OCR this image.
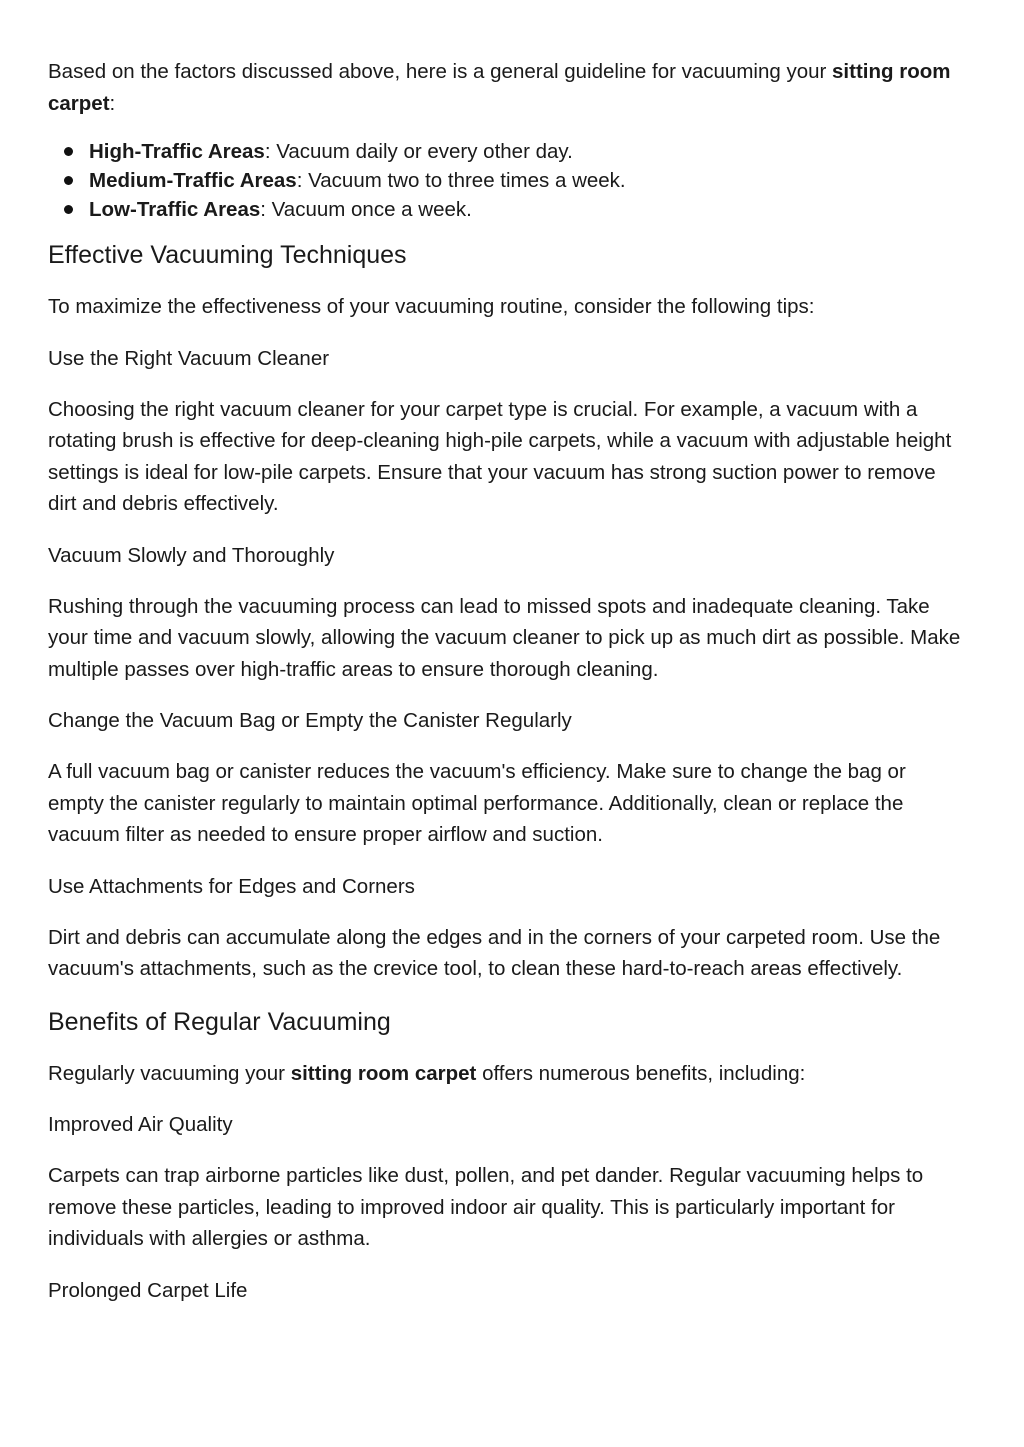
Based on the factors discussed above, here is a general guideline for vacuuming your sitting room carpet:

High-Traffic Areas: Vacuum daily or every other day.
Medium-Traffic Areas: Vacuum two to three times a week.
Low-Traffic Areas: Vacuum once a week.
Effective Vacuuming Techniques

To maximize the effectiveness of your vacuuming routine, consider the following tips:

Use the Right Vacuum Cleaner

Choosing the right vacuum cleaner for your carpet type is crucial. For example, a vacuum with a rotating brush is effective for deep-cleaning high-pile carpets, while a vacuum with adjustable height settings is ideal for low-pile carpets. Ensure that your vacuum has strong suction power to remove dirt and debris effectively.

Vacuum Slowly and Thoroughly

Rushing through the vacuuming process can lead to missed spots and inadequate cleaning. Take your time and vacuum slowly, allowing the vacuum cleaner to pick up as much dirt as possible. Make multiple passes over high-traffic areas to ensure thorough cleaning.

Change the Vacuum Bag or Empty the Canister Regularly

A full vacuum bag or canister reduces the vacuum's efficiency. Make sure to change the bag or empty the canister regularly to maintain optimal performance. Additionally, clean or replace the vacuum filter as needed to ensure proper airflow and suction.

Use Attachments for Edges and Corners

Dirt and debris can accumulate along the edges and in the corners of your carpeted room. Use the vacuum's attachments, such as the crevice tool, to clean these hard-to-reach areas effectively.

Benefits of Regular Vacuuming

Regularly vacuuming your sitting room carpet offers numerous benefits, including:

Improved Air Quality

Carpets can trap airborne particles like dust, pollen, and pet dander. Regular vacuuming helps to remove these particles, leading to improved indoor air quality. This is particularly important for individuals with allergies or asthma.

Prolonged Carpet Life
